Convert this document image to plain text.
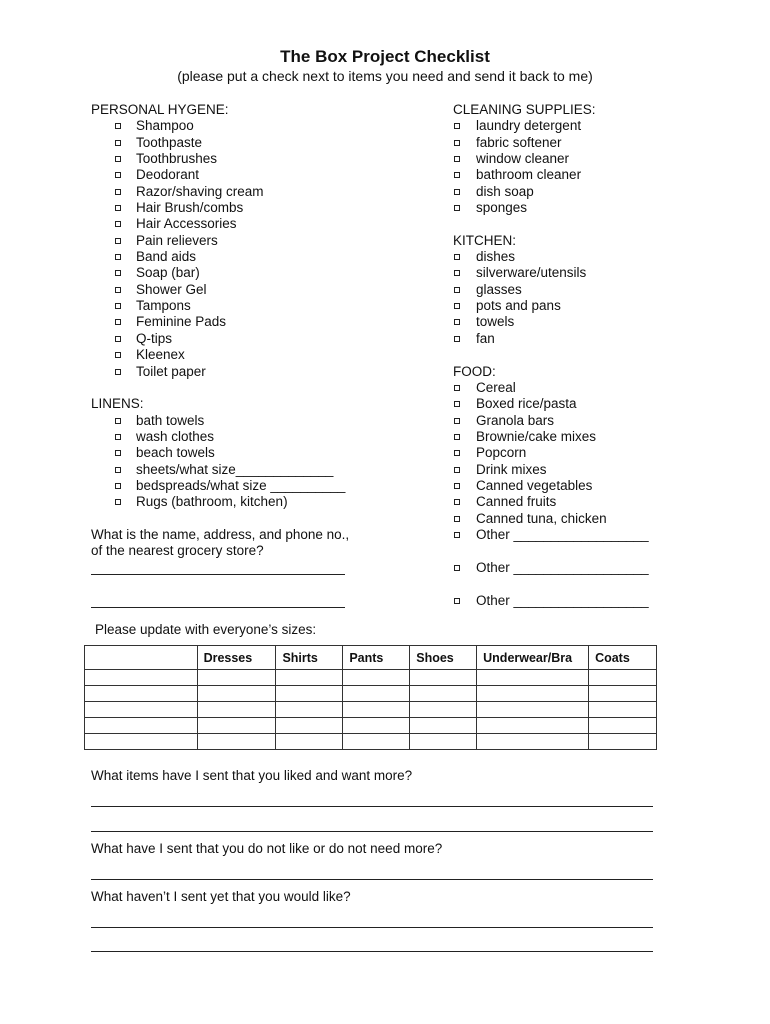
The Box Project Checklist
(please put a check next to items you need and send it back to me)
PERSONAL HYGENE:
Shampoo
Toothpaste
Toothbrushes
Deodorant
Razor/shaving cream
Hair Brush/combs
Hair Accessories
Pain relievers
Band aids
Soap (bar)
Shower Gel
Tampons
Feminine Pads
Q-tips
Kleenex
Toilet paper
LINENS:
bath towels
wash clothes
beach towels
sheets/what size_____________
bedspreads/what size __________
Rugs (bathroom, kitchen)
What is the name, address, and phone no.,
of the nearest grocery store?
CLEANING SUPPLIES:
laundry detergent
fabric softener
window cleaner
bathroom cleaner
dish soap
sponges
KITCHEN:
dishes
silverware/utensils
glasses
pots and pans
towels
fan
FOOD:
Cereal
Boxed rice/pasta
Granola bars
Brownie/cake mixes
Popcorn
Drink mixes
Canned vegetables
Canned fruits
Canned tuna, chicken
Other __________________
Other __________________
Other __________________
Please update with everyone’s sizes:
	Dresses	Shirts	Pants	Shoes	Underwear/Bra	Coats

What items have I sent that you liked and want more?
What have I sent that you do not like or do not need more?
What haven’t I sent yet that you would like?
